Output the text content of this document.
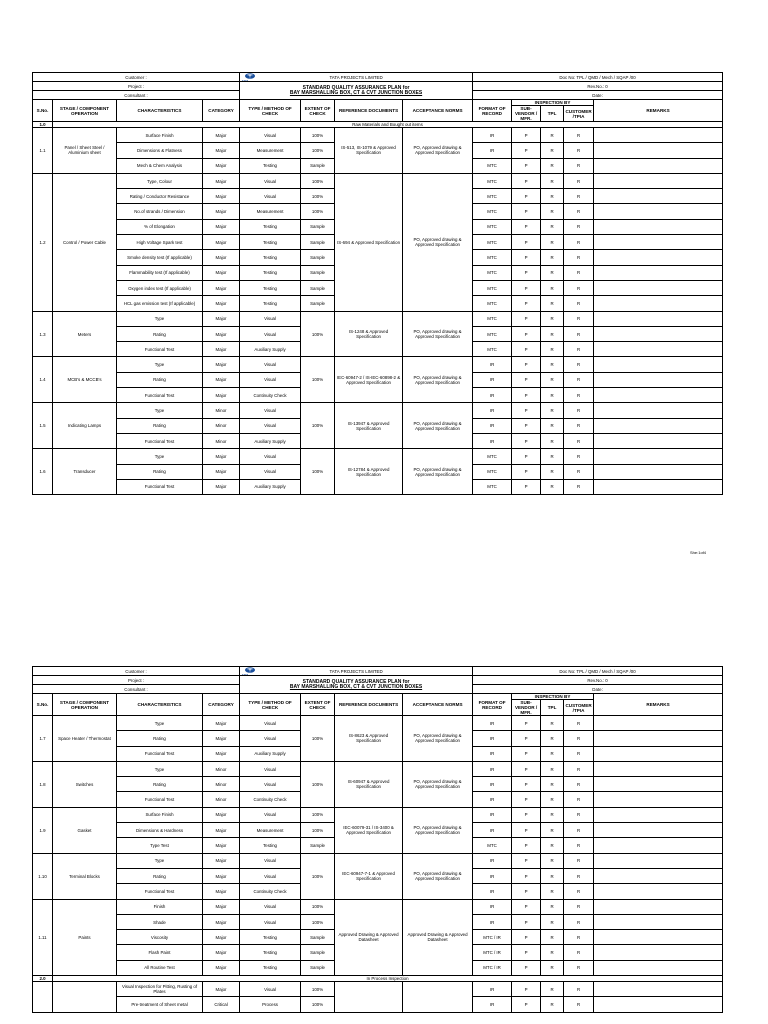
Customer :				TATA
TATA PROJECTS LIMITED				Doc No: TPL / QMD / Mech / SQAP /00				
Project :				STANDARD QUALITY ASSURANCE PLAN for
BAY MARSHALLING BOX, CT & CVT JUNCTION BOXES				Rev.No.: 0				
Consultant :								Date:				
S.No.	STAGE / COMPONENT OPERATION	CHARACTERISTICS	CATEGORY	TYPE / METHOD OF CHECK	EXTENT OF CHECK	REFERENCE DOCUMENTS	ACCEPTANCE NORMS	FORMAT OF RECORD	INSPECTION BY			REMARKS
									SUB-VENDOR / MFR.	TPL	CUSTOMER /TPIA	
1.0	Raw Materials and Bought out items											
1.1	Panel / Sheet Steel / Aluminium sheet	Surface Finish	Major	Visual	100%	IS-513, IS-1079 & Approved Specification	PO, Approved drawing & Approved Specification	IR	P	R	R	
		Dimensions & Flatness	Major	Measurement	100%			IR	P	R	R	
		Mech & Chem Analysis	Major	Testing	Sample			MTC	P	R	R	
1.2	Control / Power Cable	Type, Colour	Major	Visual	100%	IS-694 & Approved Specification	PO, Approved drawing & Approved Specification	MTC	P	R	R	
		Rating / Conductor Resistance	Major	Visual	100%			MTC	P	R	R	
		No.of strands / Dimension	Major	Measurement	100%			MTC	P	R	R	
		% of Elongation	Major	Testing	Sample			MTC	P	R	R	
		High Voltage Spark test	Major	Testing	Sample			MTC	P	R	R	
		Smoke density test (If applicable)	Major	Testing	Sample			MTC	P	R	R	
		Flammability test (If applicable)	Major	Testing	Sample			MTC	P	R	R	
		Oxygen index test (If applicable)	Major	Testing	Sample			MTC	P	R	R	
		HCL gas emission test (If applicable)	Major	Testing	Sample			MTC	P	R	R	
1.3	Meters	Type	Major	Visual	100%	IS-1248 & Approved Specification	PO, Approved drawing & Approved Specification	MTC	P	R	R	
		Rating	Major	Visual				MTC	P	R	R	
		Functional Test	Major	Auxiliary Supply				MTC	P	R	R	
1.4	MCB's & MCCB's	Type	Major	Visual	100%	IEC-60947-2 / IS-IEC-60898-2 & Approved Specification	PO, Approved drawing & Approved Specification	IR	P	R	R	
		Rating	Major	Visual				IR	P	R	R	
		Functional Test	Major	Continuity Check				IR	P	R	R	
1.5	Indicating Lamps	Type	Minor	Visual	100%	IS-13947 & Approved Specification	PO, Approved drawing & Approved Specification	IR	P	R	R	
		Rating	Minor	Visual				IR	P	R	R	
		Functional Test	Minor	Auxiliary Supply				IR	P	R	R	
1.6	Transducer	Type	Major	Visual	100%	IS-12784 & Approved Specification	PO, Approved drawing & Approved Specification	MTC	P	R	R	
		Rating	Major	Visual				MTC	P	R	R	
		Functional Test	Major	Auxiliary Supply				MTC	P	R	R	
She:1of4
Customer :				TATA
TATA PROJECTS LIMITED				Doc No: TPL / QMD / Mech / SQAP /00				
Project :				STANDARD QUALITY ASSURANCE PLAN for
BAY MARSHALLING BOX, CT & CVT JUNCTION BOXES				Rev.No.: 0				
Consultant :								Date:				
S.No.	STAGE / COMPONENT OPERATION	CHARACTERISTICS	CATEGORY	TYPE / METHOD OF CHECK	EXTENT OF CHECK	REFERENCE DOCUMENTS	ACCEPTANCE NORMS	FORMAT OF RECORD	INSPECTION BY			REMARKS
									SUB-VENDOR / MFR.	TPL	CUSTOMER /TPIA	
1.7	Space Heater / Thermostat	Type	Major	Visual	100%	IS-8623 & Approved Specification	PO, Approved drawing & Approved Specification	IR	P	R	R	
		Rating	Major	Visual				IR	P	R	R	
		Functional Test	Major	Auxiliary Supply				IR	P	R	R	
1.8	Switches	Type	Minor	Visual	100%	IS-60947 & Approved Specification	PO, Approved drawing & Approved Specification	IR	P	R	R	
		Rating	Minor	Visual				IR	P	R	R	
		Functional Test	Minor	Continuity Check				IR	P	R	R	
1.9	Gasket	Surface Finish	Major	Visual	100%	IEC-60079-31 / IS-3400 & Approved Specification	PO, Approved drawing & Approved Specification	IR	P	R	R	
		Dimensions & Hardness	Major	Measurement	100%			IR	P	R	R	
		Type Test	Major	Testing	Sample			MTC	P	R	R	
1.10	Terminal Blocks	Type	Major	Visual	100%	IEC-60947-7-1 & Approved Specification	PO, Approved drawing & Approved Specification	IR	P	R	R	
		Rating	Major	Visual				IR	P	R	R	
		Functional Test	Major	Continuity Check				IR	P	R	R	
1.11	Paints	Finish	Major	Visual	100%	Approved Drawing & Approved Datasheet	Approved Drawing & Approved Datasheet	IR	P	R	R	
		Shade	Major	Visual	100%			IR	P	R	R	
		Viscosity	Major	Testing	Sample			MTC / IR	P	R	R	
		Flash Paint	Major	Testing	Sample			MTC / IR	P	R	R	
		All Routine Test	Major	Testing	Sample			MTC / IR	P	R	R	
2.0	In Process Inspection											
		Visual Inspection for Pitting, Rusting of Plates	Major	Visual	100%			IR	P	R	R	
		Pre-treatment of Sheet metal	Critical	Process	100%			IR	P	R	R	
